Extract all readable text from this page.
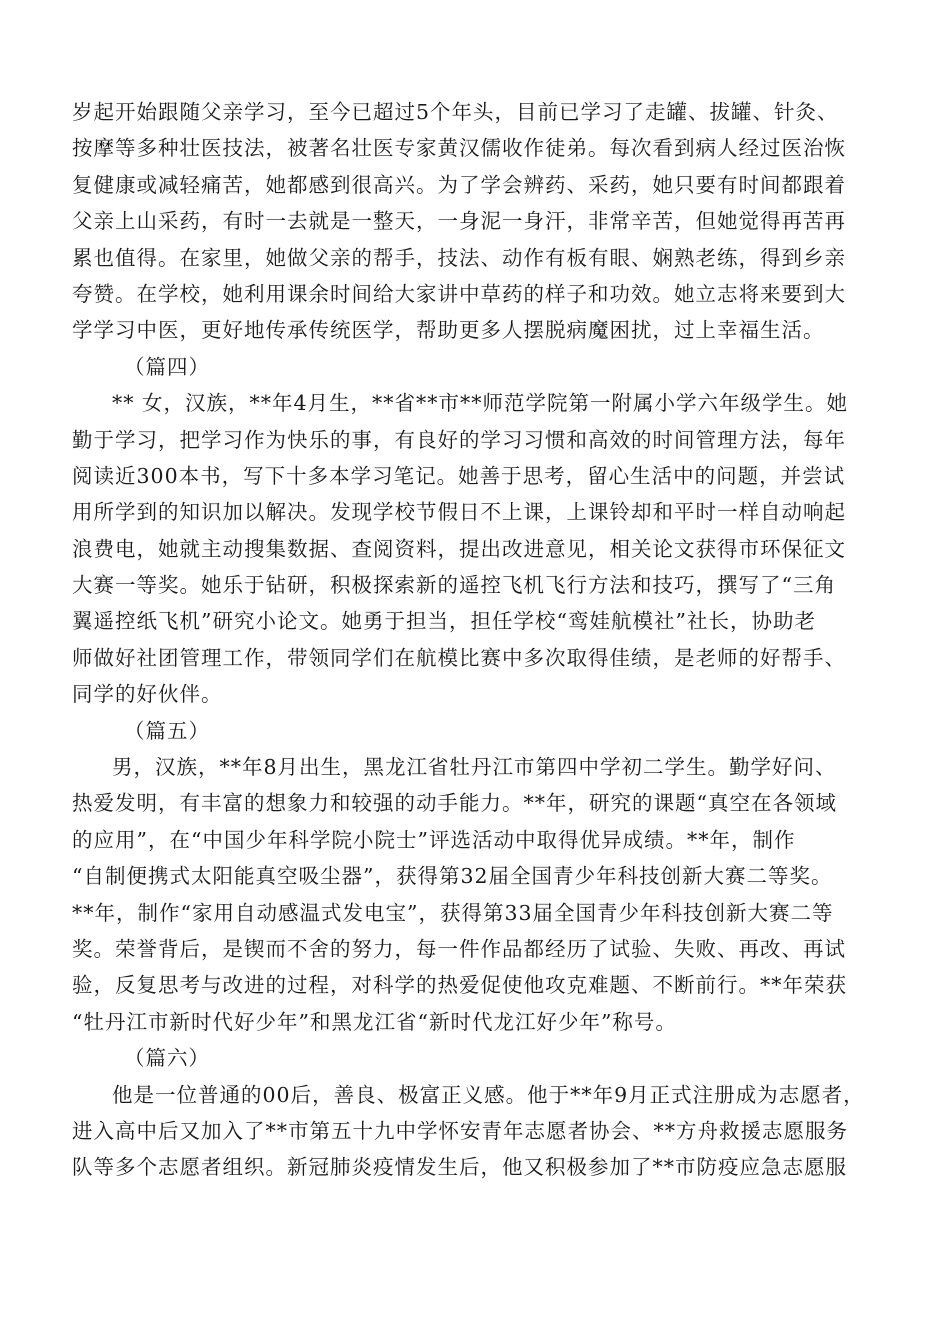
岁起开始跟随父亲学习，至今已超过5个年头，目前已学习了走罐、拔罐、针灸、
按摩等多种壮医技法，被著名壮医专家黄汉儒收作徒弟。每次看到病人经过医治恢
复健康或减轻痛苦，她都感到很高兴。为了学会辨药、采药，她只要有时间都跟着
父亲上山采药，有时一去就是一整天，一身泥一身汗，非常辛苦，但她觉得再苦再
累也值得。在家里，她做父亲的帮手，技法、动作有板有眼、娴熟老练，得到乡亲
夸赞。在学校，她利用课余时间给大家讲中草药的样子和功效。她立志将来要到大
学学习中医，更好地传承传统医学，帮助更多人摆脱病魔困扰，过上幸福生活。
（篇四）
** 女，汉族，**年4月生，**省**市**师范学院第一附属小学六年级学生。她
勤于学习，把学习作为快乐的事，有良好的学习习惯和高效的时间管理方法，每年
阅读近300本书，写下十多本学习笔记。她善于思考，留心生活中的问题，并尝试
用所学到的知识加以解决。发现学校节假日不上课，上课铃却和平时一样自动响起
浪费电，她就主动搜集数据、查阅资料，提出改进意见，相关论文获得市环保征文
大赛一等奖。她乐于钻研，积极探索新的遥控飞机飞行方法和技巧，撰写了“三角
翼遥控纸飞机”研究小论文。她勇于担当，担任学校“鸾娃航模社”社长，协助老
师做好社团管理工作，带领同学们在航模比赛中多次取得佳绩，是老师的好帮手、
同学的好伙伴。
（篇五）
男，汉族，**年8月出生，黑龙江省牡丹江市第四中学初二学生。勤学好问、
热爱发明，有丰富的想象力和较强的动手能力。**年，研究的课题“真空在各领域
的应用”，在“中国少年科学院小院士”评选活动中取得优异成绩。**年，制作
“自制便携式太阳能真空吸尘器”，获得第32届全国青少年科技创新大赛二等奖。
**年，制作“家用自动感温式发电宝”，获得第33届全国青少年科技创新大赛二等
奖。荣誉背后，是锲而不舍的努力，每一件作品都经历了试验、失败、再改、再试
验，反复思考与改进的过程，对科学的热爱促使他攻克难题、不断前行。**年荣获
“牡丹江市新时代好少年”和黑龙江省“新时代龙江好少年”称号。
（篇六）
他是一位普通的00后，善良、极富正义感。他于**年9月正式注册成为志愿者，
进入高中后又加入了**市第五十九中学怀安青年志愿者协会、**方舟救援志愿服务
队等多个志愿者组织。新冠肺炎疫情发生后，他又积极参加了**市防疫应急志愿服
